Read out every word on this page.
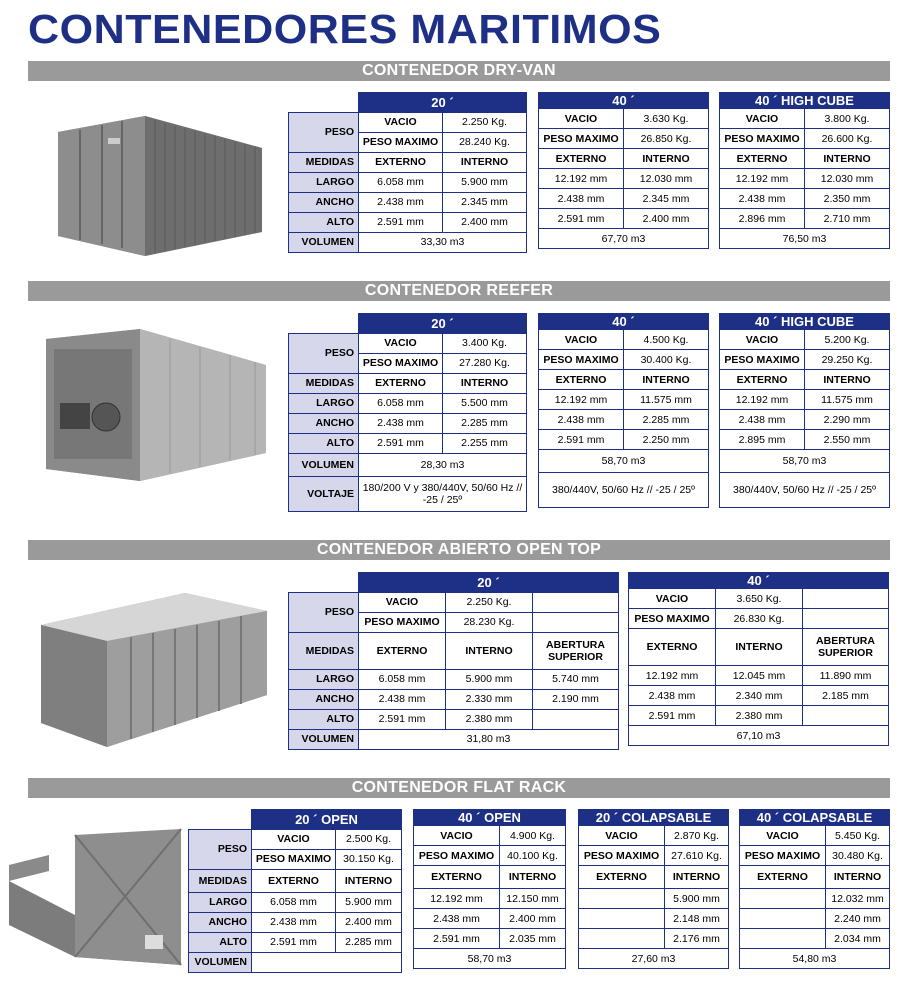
CONTENEDORES MARITIMOS
CONTENEDOR DRY-VAN
	20 ´	
PESO	VACIO	2.250 Kg.
	PESO MAXIMO	28.240 Kg.
MEDIDAS	EXTERNO	INTERNO
LARGO	6.058 mm	5.900 mm
ANCHO	2.438 mm	2.345 mm
ALTO	2.591 mm	2.400 mm
VOLUMEN	33,30 m3	
40 ´	
VACIO	3.630 Kg.
PESO MAXIMO	26.850 Kg.
EXTERNO	INTERNO
12.192 mm	12.030 mm
2.438 mm	2.345 mm
2.591 mm	2.400 mm
67,70 m3	
40 ´ HIGH CUBE	
VACIO	3.800 Kg.
PESO MAXIMO	26.600 Kg.
EXTERNO	INTERNO
12.192 mm	12.030 mm
2.438 mm	2.350 mm
2.896 mm	2.710 mm
76,50 m3	
CONTENEDOR REEFER
	20 ´	
PESO	VACIO	3.400 Kg.
	PESO MAXIMO	27.280 Kg.
MEDIDAS	EXTERNO	INTERNO
LARGO	6.058 mm	5.500 mm
ANCHO	2.438 mm	2.285 mm
ALTO	2.591 mm	2.255 mm
VOLUMEN	28,30 m3	
VOLTAJE	180/200 V y 380/440V, 50/60 Hz // -25 / 25º	
40 ´	
VACIO	4.500 Kg.
PESO MAXIMO	30.400 Kg.
EXTERNO	INTERNO
12.192 mm	11.575 mm
2.438 mm	2.285 mm
2.591 mm	2.250 mm
58,70 m3	
380/440V, 50/60 Hz // -25 / 25º	
40 ´ HIGH CUBE	
VACIO	5.200 Kg.
PESO MAXIMO	29.250 Kg.
EXTERNO	INTERNO
12.192 mm	11.575 mm
2.438 mm	2.290 mm
2.895 mm	2.550 mm
58,70 m3	
380/440V, 50/60 Hz // -25 / 25º	
CONTENEDOR ABIERTO OPEN TOP
	20 ´		
PESO	VACIO	2.250 Kg.	
	PESO MAXIMO	28.230 Kg.	
MEDIDAS	EXTERNO	INTERNO	ABERTURA SUPERIOR
LARGO	6.058 mm	5.900 mm	5.740 mm
ANCHO	2.438 mm	2.330 mm	2.190 mm
ALTO	2.591 mm	2.380 mm	
VOLUMEN	31,80 m3		
40 ´		
VACIO	3.650 Kg.	
PESO MAXIMO	26.830 Kg.	
EXTERNO	INTERNO	ABERTURA SUPERIOR
12.192 mm	12.045 mm	11.890 mm
2.438 mm	2.340 mm	2.185 mm
2.591 mm	2.380 mm	
67,10 m3		
CONTENEDOR FLAT RACK
	20 ´ OPEN	
PESO	VACIO	2.500 Kg.
	PESO MAXIMO	30.150 Kg.
MEDIDAS	EXTERNO	INTERNO
LARGO	6.058 mm	5.900 mm
ANCHO	2.438 mm	2.400 mm
ALTO	2.591 mm	2.285 mm
VOLUMEN		
40 ´ OPEN	
VACIO	4.900 Kg.
PESO MAXIMO	40.100 Kg.
EXTERNO	INTERNO
12.192 mm	12.150 mm
2.438 mm	2.400 mm
2.591 mm	2.035 mm
58,70 m3	
20 ´ COLAPSABLE	
VACIO	2.870 Kg.
PESO MAXIMO	27.610 Kg.
EXTERNO	INTERNO
	5.900 mm
	2.148 mm
	2.176 mm
27,60 m3	
40 ´ COLAPSABLE	
VACIO	5.450 Kg.
PESO MAXIMO	30.480 Kg.
EXTERNO	INTERNO
	12.032 mm
	2.240 mm
	2.034 mm
54,80 m3	
